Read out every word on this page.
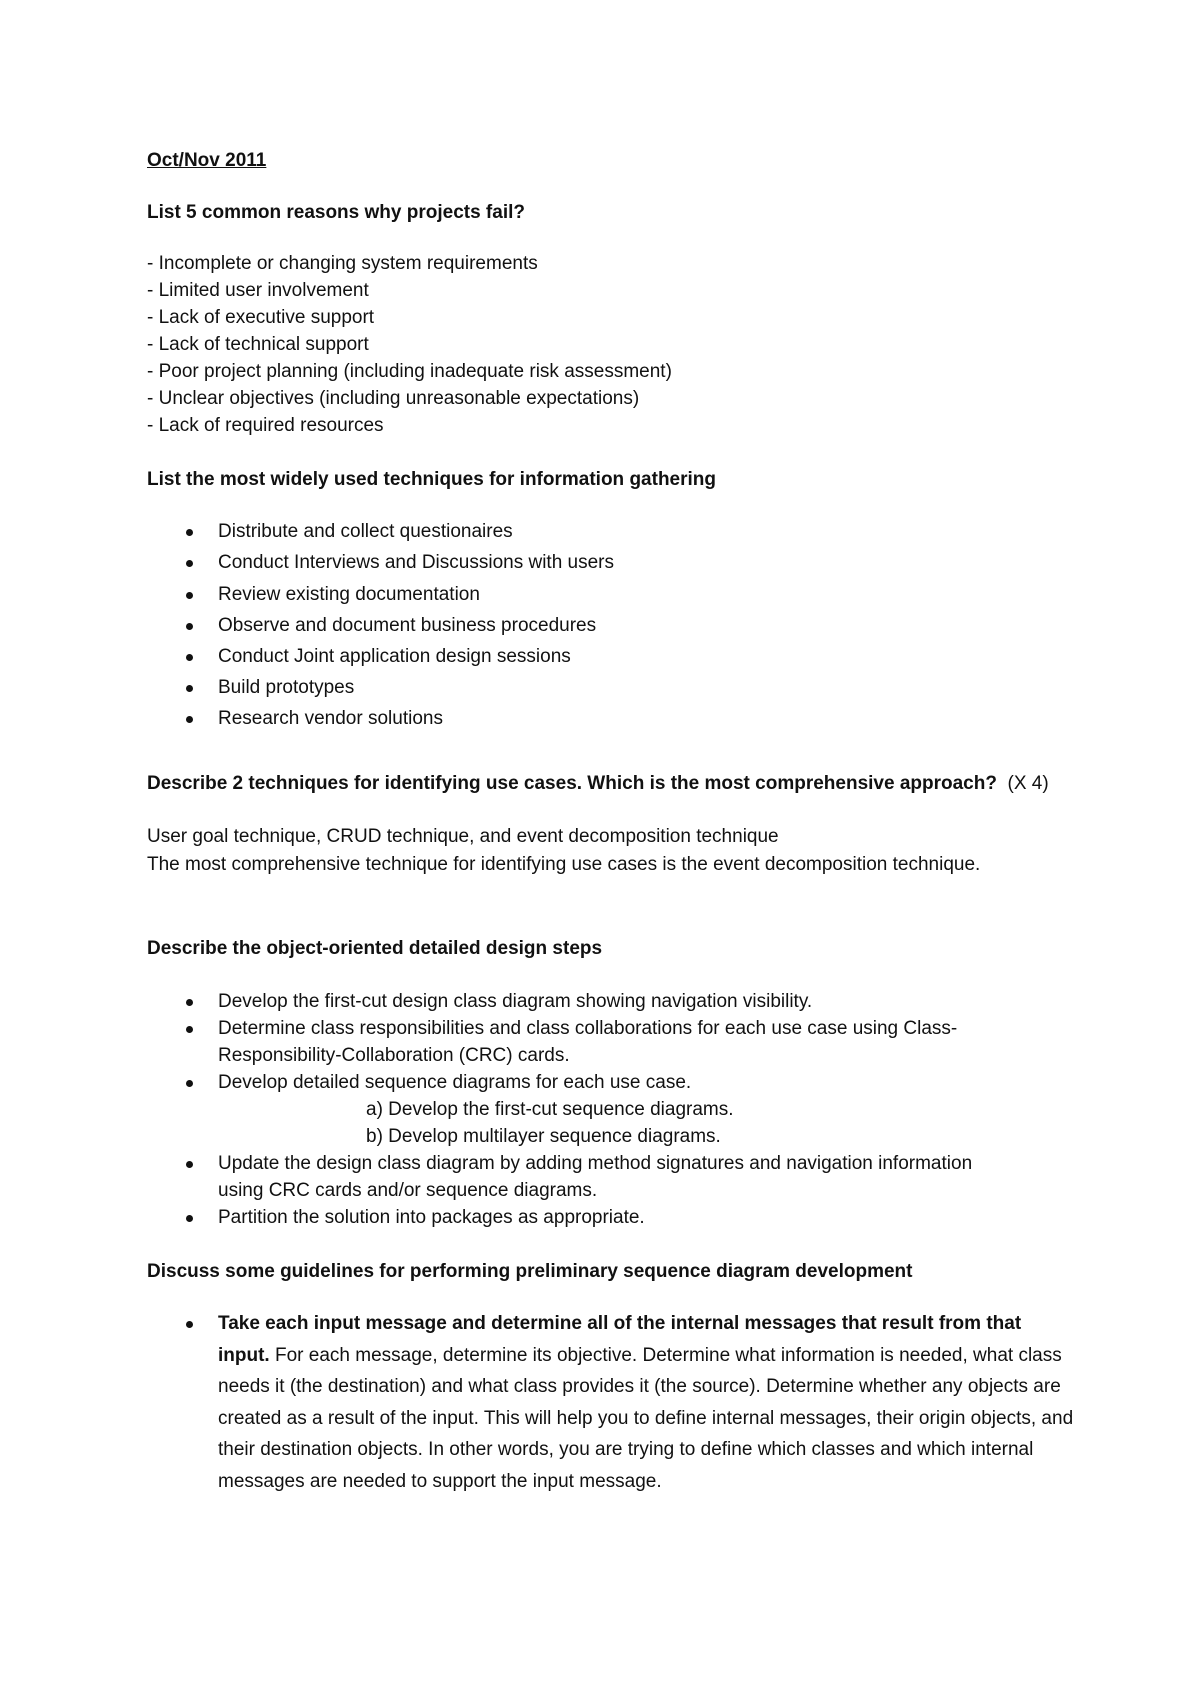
Oct/Nov 2011
List 5 common reasons why projects fail?
- Incomplete or changing system requirements
- Limited user involvement
- Lack of executive support
- Lack of technical support
- Poor project planning (including inadequate risk assessment)
- Unclear objectives (including unreasonable expectations)
- Lack of required resources
List the most widely used techniques for information gathering
Distribute and collect questionaires
Conduct Interviews and Discussions with users
Review existing documentation
Observe and document business procedures
Conduct Joint application design sessions
Build prototypes
Research vendor solutions
Describe 2 techniques for identifying use cases. Which is the most comprehensive approach? (X 4)
User goal technique, CRUD technique, and event decomposition technique
The most comprehensive technique for identifying use cases is the event decomposition technique.
Describe the object-oriented detailed design steps
Develop the first-cut design class diagram showing navigation visibility.
Determine class responsibilities and class collaborations for each use case using Class-
Responsibility-Collaboration (CRC) cards.
Develop detailed sequence diagrams for each use case.
a) Develop the first-cut sequence diagrams.
b) Develop multilayer sequence diagrams.
Update the design class diagram by adding method signatures and navigation information
using CRC cards and/or sequence diagrams.
Partition the solution into packages as appropriate.
Discuss some guidelines for performing preliminary sequence diagram development
Take each input message and determine all of the internal messages that result from that input. For each message, determine its objective. Determine what information is needed, what class needs it (the destination) and what class provides it (the source). Determine whether any objects are created as a result of the input. This will help you to define internal messages, their origin objects, and their destination objects. In other words, you are trying to define which classes and which internal messages are needed to support the input message.
